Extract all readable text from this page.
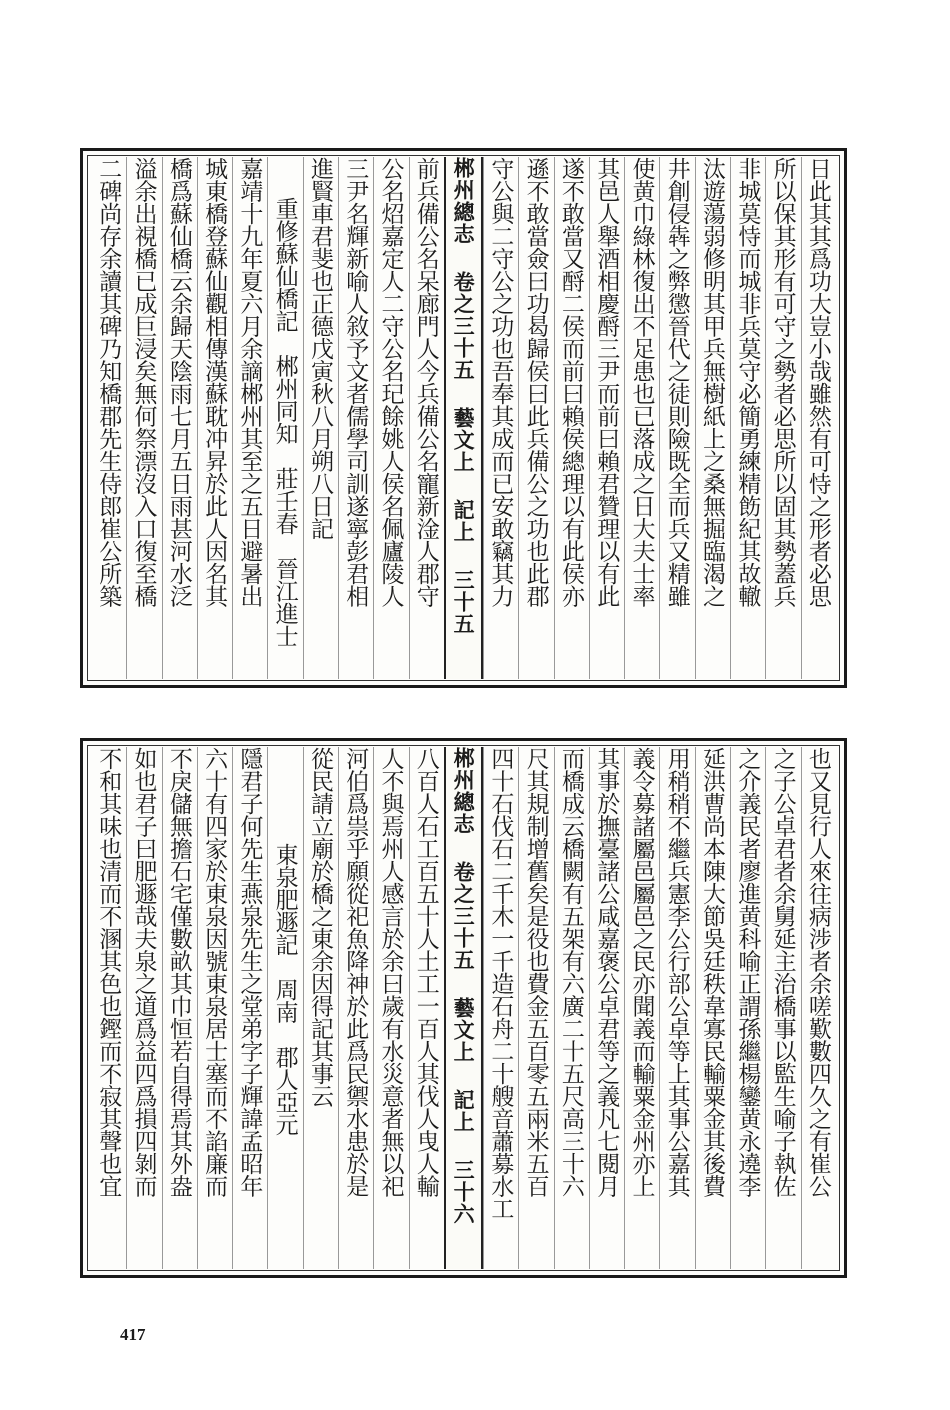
日此其其爲功大豈小哉雖然有可恃之形者必思
所以保其形有可守之勢者必思所以固其勢蓋兵
非城莫恃而城非兵莫守必簡勇練精飭紀其故轍
汰遊蕩弱修明其甲兵無樹紙上之桑無掘臨渴之
井創侵犇之弊懲晉代之徒則險既全而兵又精雖
使黄巾綠林復出不足患也已落成之日大夫士率
其邑人舉酒相慶酹三尹而前曰賴君贊理以有此
遂不敢當又酹二侯而前曰賴侯總理以有此侯亦
遜不敢當僉曰功曷歸侯曰此兵備公之功也此郡
守公與二守公之功也吾奉其成而已安敢竊其力
郴州總志 卷之三十五 藝文上 記上 三十五
前兵備公名呆廊門人今兵備公名寵新淦人郡守
公名炤嘉定人二守公名玘餘姚人侯名佩廬陵人
三尹名輝新喻人敘予文者儒學司訓遂寧彭君相
進賢車君斐也正德戊寅秋八月朔八日記
重修蘇仙橋記　郴州同知　莊壬春　晉江進士
嘉靖十九年夏六月余謫郴州其至之五日避暑出
城東橋登蘇仙觀相傳漢蘇耽冲昇於此人因名其
橋爲蘇仙橋云余歸天陰雨七月五日雨甚河水泛
溢余出視橋已成巨浸矣無何祭漂沒入口復至橋
二碑尚存余讀其碑乃知橋郡先生侍郎崔公所築
也又見行人來往病涉者余嗟歎數四久之有崔公
之子公卓君者余舅延主治橋事以監生喻子執佐
之介義民者廖進黄科喻正謂孫繼楊鑾黄永遶李
延洪曹尚本陳大節吳廷秩韋寡民輸粟金其後費
用稍稍不繼兵憲李公行部公卓等上其事公嘉其
義令募諸屬邑屬邑之民亦聞義而輸粟金州亦上
其事於撫臺諸公咸嘉褒公卓君等之義凡七閱月
而橋成云橋闕有五架有六廣二十五尺高三十六
尺其規制增舊矣是役也費金五百零五兩米五百
四十石伐石二千木一千造石舟二十艘音蕭募水工
郴州總志 卷之三十五 藝文上 記上 三十六
八百人石工百五十人土工一百人其伐人曳人輸
人不與焉州人感言於余曰歲有水災意者無以祀
河伯爲祟乎願從祀魚降神於此爲民禦水患於是
從民請立廟於橋之東余因得記其事云
東泉肥遯記　周南　郡人亞元
隱君子何先生燕泉先生之堂弟字子輝諱孟昭年
六十有四家於東泉因號東泉居士塞而不諂廉而
不戾儲無擔石宅僅數畝其巾恒若自得焉其外盎
如也君子曰肥遯哉夫泉之道爲益四爲損四剝而
不和其味也清而不溷其色也鏗而不寂其聲也宜
417
